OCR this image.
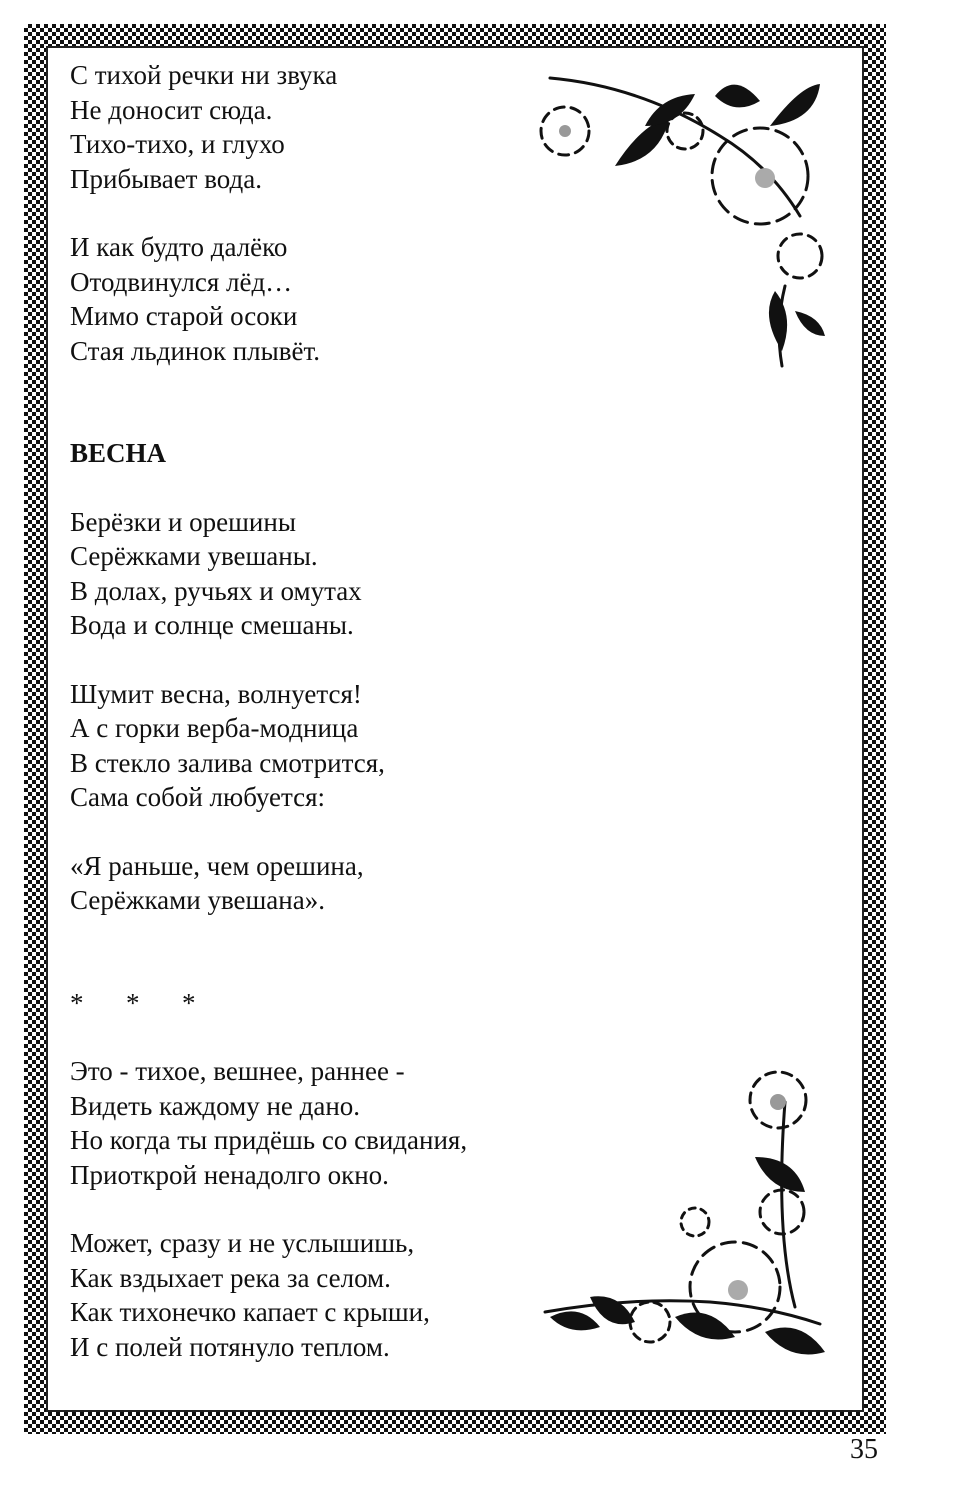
С тихой речки ни звука
Не доносит сюда.
Тихо-тихо, и глухо
Прибывает вода.
И как будто далёко
Отодвинулся лёд…
Мимо старой осоки
Стая льдинок плывёт.
ВЕСНА
Берёзки и орешины
Серёжками увешаны.
В долах, ручьях и омутах
Вода и солнце смешаны.
Шумит весна, волнуется!
А с горки верба-модница
В стекло залива смотрится,
Сама собой любуется:
«Я раньше, чем орешина,
Серёжками увешана».
* * *
Это - тихое, вешнее, раннее -
Видеть каждому не дано.
Но когда ты придёшь со свидания,
Приоткрой ненадолго окно.
Может, сразу и не услышишь,
Как вздыхает река за селом.
Как тихонечко капает с крыши,
И с полей потянуло теплом.
35
